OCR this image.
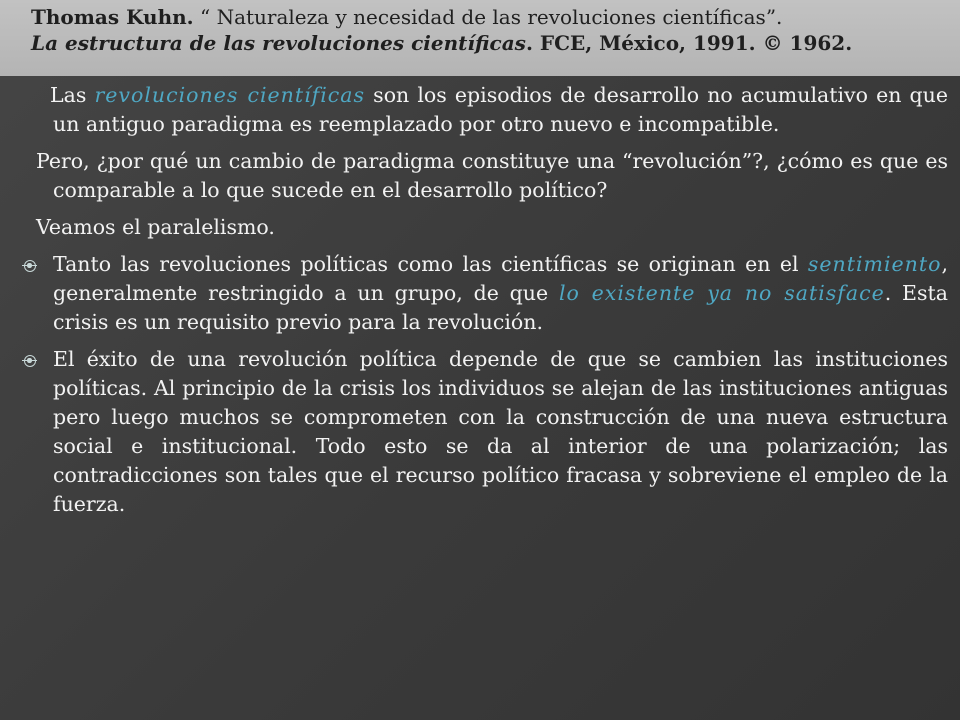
Thomas Kuhn. “ Naturaleza y necesidad de las revoluciones científicas”.
La estructura de las revoluciones científicas. FCE, México, 1991. © 1962.

Las revoluciones científicas son los episodios de desarrollo no acumulativo en que un antiguo paradigma es reemplazado por otro nuevo e incompatible.

Pero, ¿por qué un cambio de paradigma constituye una “revolución”?, ¿cómo es que es comparable a lo que sucede en el desarrollo político?

Veamos el paralelismo.

Tanto las revoluciones políticas como las científicas se originan en el sentimiento, generalmente restringido a un grupo, de que lo existente ya no satisface. Esta crisis es un requisito previo para la revolución.
El éxito de una revolución política depende de que se cambien las instituciones políticas. Al principio de la crisis los individuos se alejan de las instituciones antiguas pero luego muchos se comprometen con la construcción de una nueva estructura social e institucional. Todo esto se da al interior de una polarización; las contradicciones son tales que el recurso político fracasa y sobreviene el empleo de la fuerza.
